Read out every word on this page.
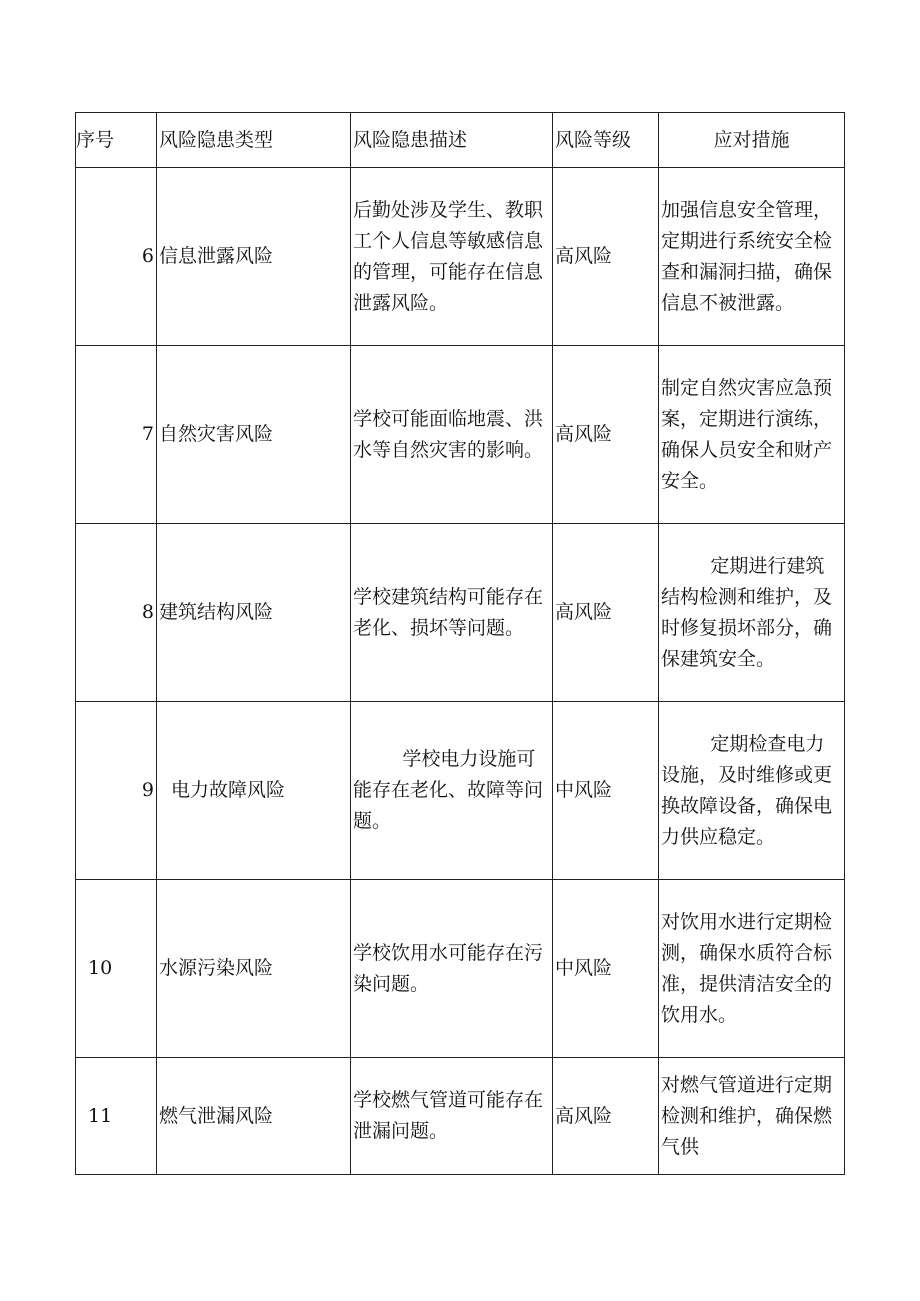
序号	风险隐患类型	风险隐患描述	风险等级	应对措施
6	信息泄露风险	后勤处涉及学生、教职工个人信息等敏感信息的管理，可能存在信息泄露风险。	高风险	加强信息安全管理，定期进行系统安全检查和漏洞扫描，确保信息不被泄露。
7	自然灾害风险	学校可能面临地震、洪水等自然灾害的影响。	高风险	制定自然灾害应急预案，定期进行演练，确保人员安全和财产安全。
8	建筑结构风险	学校建筑结构可能存在老化、损坏等问题。	高风险	定期进行建筑结构检测和维护，及时修复损坏部分，确保建筑安全。
9	电力故障风险	学校电力设施可能存在老化、故障等问题。	中风险	定期检查电力设施，及时维修或更换故障设备，确保电力供应稳定。
10	水源污染风险	学校饮用水可能存在污染问题。	中风险	对饮用水进行定期检测，确保水质符合标准，提供清洁安全的饮用水。
11	燃气泄漏风险	学校燃气管道可能存在泄漏问题。	高风险	对燃气管道进行定期检测和维护，确保燃气供
